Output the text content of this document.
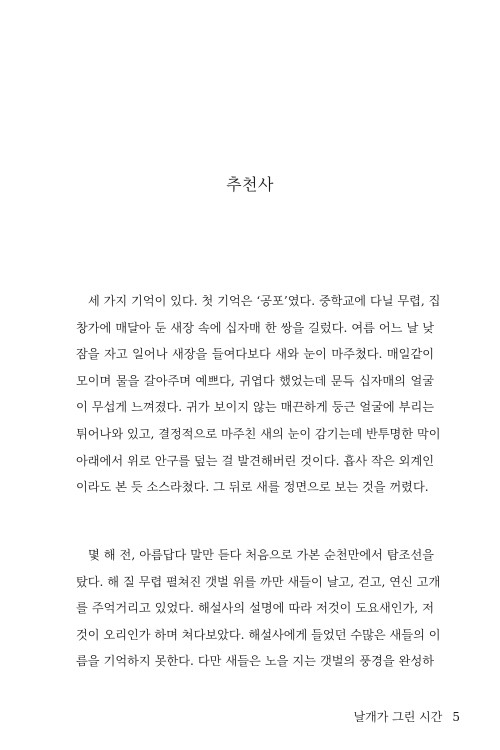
추천사
세 가지 기억이 있다. 첫 기억은 ‘공포’였다. 중학교에 다닐 무렵, 집
창가에 매달아 둔 새장 속에 십자매 한 쌍을 길렀다. 여름 어느 날 낮
잠을 자고 일어나 새장을 들여다보다 새와 눈이 마주쳤다. 매일같이
모이며 물을 갈아주며 예쁘다, 귀엽다 했었는데 문득 십자매의 얼굴
이 무섭게 느껴졌다. 귀가 보이지 않는 매끈하게 둥근 얼굴에 부리는
튀어나와 있고, 결정적으로 마주친 새의 눈이 감기는데 반투명한 막이
아래에서 위로 안구를 덮는 걸 발견해버린 것이다. 흡사 작은 외계인
이라도 본 듯 소스라쳤다. 그 뒤로 새를 정면으로 보는 것을 꺼렸다.
몇 해 전, 아름답다 말만 듣다 처음으로 가본 순천만에서 탐조선을
탔다. 해 질 무렵 펼쳐진 갯벌 위를 까만 새들이 날고, 걷고, 연신 고개
를 주억거리고 있었다. 해설사의 설명에 따라 저것이 도요새인가, 저
것이 오리인가 하며 쳐다보았다. 해설사에게 들었던 수많은 새들의 이
름을 기억하지 못한다. 다만 새들은 노을 지는 갯벌의 풍경을 완성하
날개가 그린 시간 5
